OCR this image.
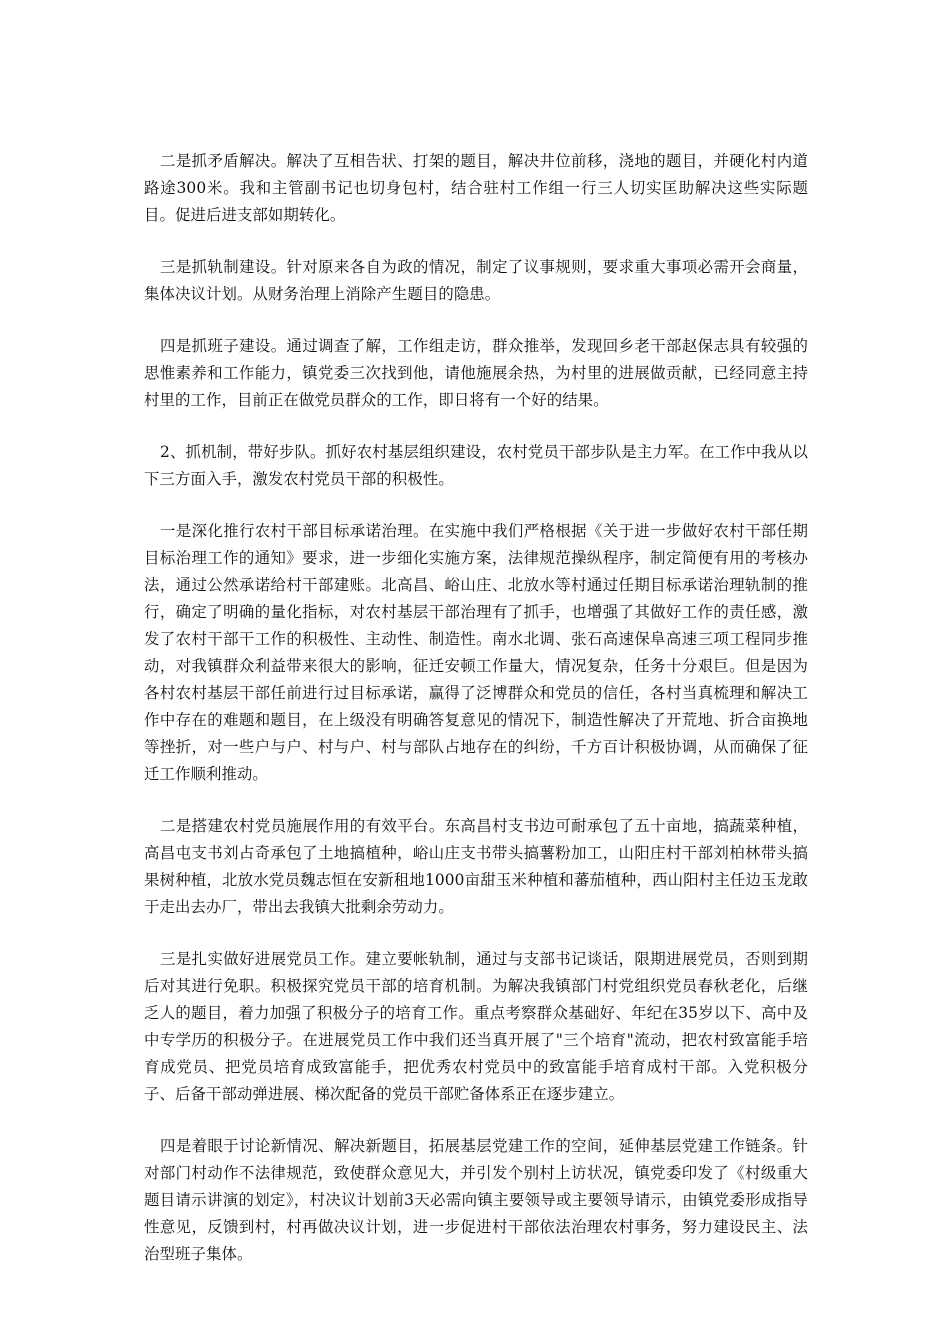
二是抓矛盾解决。解决了互相告状、打架的题目，解决井位前移，浇地的题目，并硬化村内道路途300米。我和主管副书记也切身包村，结合驻村工作组一行三人切实匡助解决这些实际题目。促进后进支部如期转化。

三是抓轨制建设。针对原来各自为政的情况，制定了议事规则，要求重大事项必需开会商量，集体决议计划。从财务治理上消除产生题目的隐患。

四是抓班子建设。通过调查了解，工作组走访，群众推举，发现回乡老干部赵保志具有较强的思惟素养和工作能力，镇党委三次找到他，请他施展余热，为村里的进展做贡献，已经同意主持村里的工作，目前正在做党员群众的工作，即日将有一个好的结果。

2、抓机制，带好步队。抓好农村基层组织建设，农村党员干部步队是主力军。在工作中我从以下三方面入手，激发农村党员干部的积极性。

一是深化推行农村干部目标承诺治理。在实施中我们严格根据《关于进一步做好农村干部任期目标治理工作的通知》要求，进一步细化实施方案，法律规范操纵程序，制定简便有用的考核办法，通过公然承诺给村干部建账。北高昌、峪山庄、北放水等村通过任期目标承诺治理轨制的推行，确定了明确的量化指标，对农村基层干部治理有了抓手，也增强了其做好工作的责任感，激发了农村干部干工作的积极性、主动性、制造性。南水北调、张石高速保阜高速三项工程同步推动，对我镇群众利益带来很大的影响，征迁安顿工作量大，情况复杂，任务十分艰巨。但是因为各村农村基层干部任前进行过目标承诺，赢得了泛博群众和党员的信任，各村当真梳理和解决工作中存在的难题和题目，在上级没有明确答复意见的情况下，制造性解决了开荒地、折合亩换地等挫折，对一些户与户、村与户、村与部队占地存在的纠纷，千方百计积极协调，从而确保了征迁工作顺利推动。

二是搭建农村党员施展作用的有效平台。东高昌村支书边可耐承包了五十亩地，搞蔬菜种植，高昌屯支书刘占奇承包了土地搞植种，峪山庄支书带头搞薯粉加工，山阳庄村干部刘柏林带头搞果树种植，北放水党员魏志恒在安新租地1000亩甜玉米种植和蕃茄植种，西山阳村主任边玉龙敢于走出去办厂，带出去我镇大批剩余劳动力。

三是扎实做好进展党员工作。建立要帐轨制，通过与支部书记谈话，限期进展党员，否则到期后对其进行免职。积极探究党员干部的培育机制。为解决我镇部门村党组织党员春秋老化，后继乏人的题目，着力加强了积极分子的培育工作。重点考察群众基础好、年纪在35岁以下、高中及中专学历的积极分子。在进展党员工作中我们还当真开展了"三个培育"流动，把农村致富能手培育成党员、把党员培育成致富能手，把优秀农村党员中的致富能手培育成村干部。入党积极分子、后备干部动弹进展、梯次配备的党员干部贮备体系正在逐步建立。

四是着眼于讨论新情况、解决新题目，拓展基层党建工作的空间，延伸基层党建工作链条。针对部门村动作不法律规范，致使群众意见大，并引发个别村上访状况，镇党委印发了《村级重大题目请示讲演的划定》，村决议计划前3天必需向镇主要领导或主要领导请示，由镇党委形成指导性意见，反馈到村，村再做决议计划，进一步促进村干部依法治理农村事务，努力建设民主、法治型班子集体。
